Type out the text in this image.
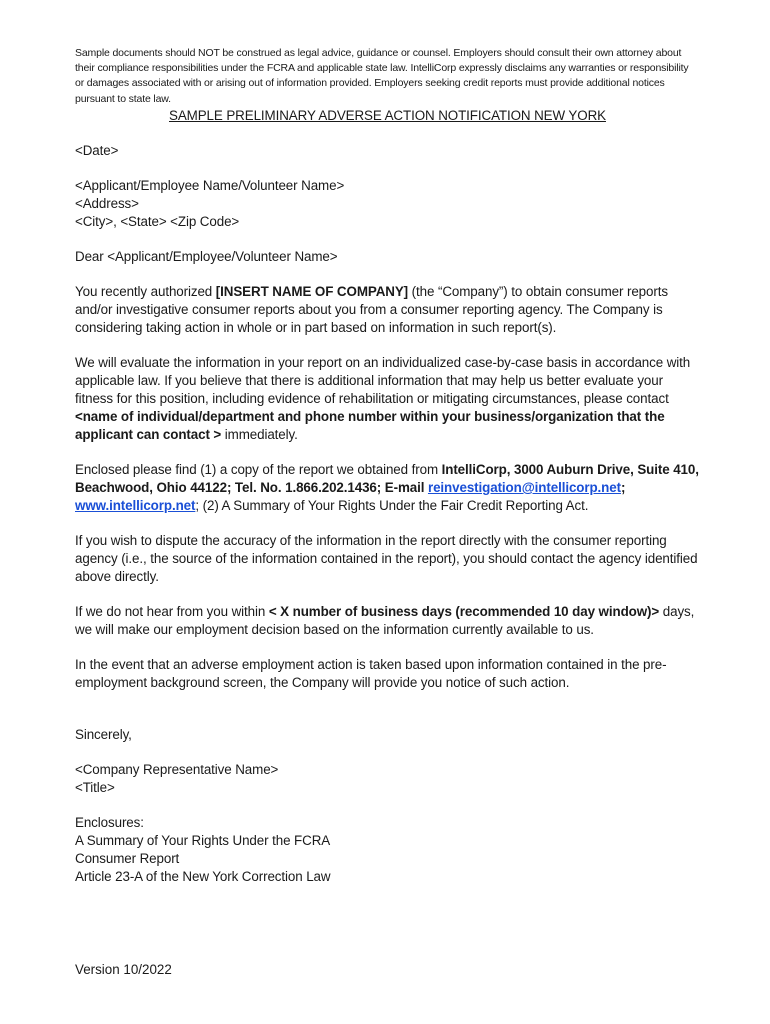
Sample documents should NOT be construed as legal advice, guidance or counsel. Employers should consult their own attorney about their compliance responsibilities under the FCRA and applicable state law. IntelliCorp expressly disclaims any warranties or responsibility or damages associated with or arising out of information provided. Employers seeking credit reports must provide additional notices pursuant to state law.

SAMPLE PRELIMINARY ADVERSE ACTION NOTIFICATION NEW YORK

<Date>

<Applicant/Employee Name/Volunteer Name>
<Address>
<City>, <State> <Zip Code>

Dear <Applicant/Employee/Volunteer Name>

You recently authorized [INSERT NAME OF COMPANY] (the “Company”) to obtain consumer reports and/or investigative consumer reports about you from a consumer reporting agency. The Company is considering taking action in whole or in part based on information in such report(s).

We will evaluate the information in your report on an individualized case-by-case basis in accordance with applicable law. If you believe that there is additional information that may help us better evaluate your fitness for this position, including evidence of rehabilitation or mitigating circumstances, please contact <name of individual/department and phone number within your business/organization that the applicant can contact > immediately.

Enclosed please find (1) a copy of the report we obtained from IntelliCorp, 3000 Auburn Drive, Suite 410, Beachwood, Ohio 44122; Tel. No. 1.866.202.1436; E-mail reinvestigation@intellicorp.net; www.intellicorp.net; (2) A Summary of Your Rights Under the Fair Credit Reporting Act.

If you wish to dispute the accuracy of the information in the report directly with the consumer reporting agency (i.e., the source of the information contained in the report), you should contact the agency identified above directly.

If we do not hear from you within < X number of business days (recommended 10 day window)> days, we will make our employment decision based on the information currently available to us.

In the event that an adverse employment action is taken based upon information contained in the pre-employment background screen, the Company will provide you notice of such action.

Sincerely,

<Company Representative Name>
<Title>
Enclosures:
A Summary of Your Rights Under the FCRA
Consumer Report
Article 23-A of the New York Correction Law
Version 10/2022
